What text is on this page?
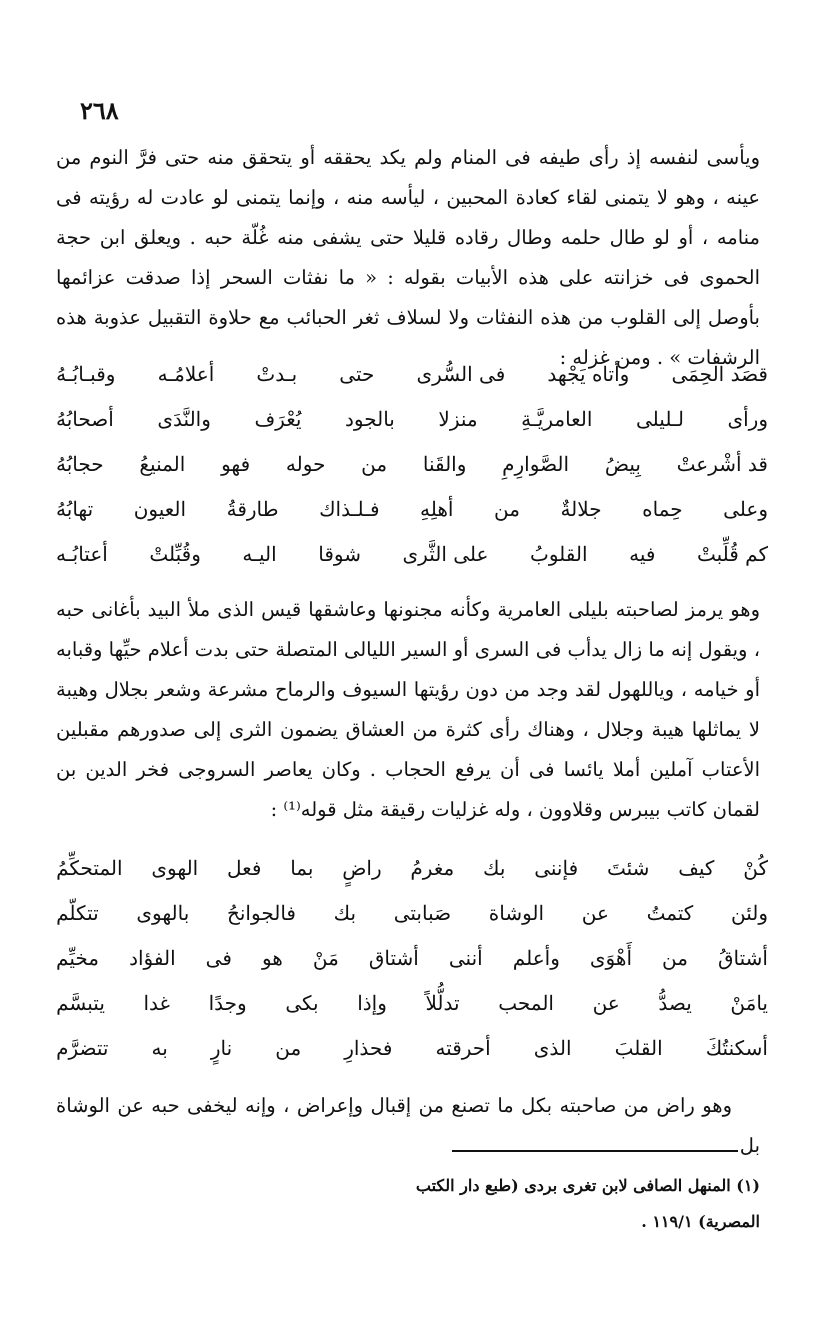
٢٦٨
ويأسى لنفسه إذ رأى طيفه فى المنام ولم يكد يحققه أو يتحقق منه حتى فرَّ النوم من عينه ، وهو لا يتمنى لقاء كعادة المحبين ، ليأسه منه ، وإنما يتمنى لو عادت له رؤيته فى منامه ، أو لو طال حلمه وطال رقاده قليلا حتى يشفى منه غُلّة حبه . ويعلق ابن حجة الحموى فى خزانته على هذه الأبيات بقوله : « ما نفثات السحر إذا صدقت عزائمها بأوصل إلى القلوب من هذه النفثات ولا لسلاف ثغر الحبائب مع حلاوة التقبيل عذوبة هذه الرشفات » . ومن غزله :
قصَد الحِمَى
وأتاه يَجْهد
فى السُّرى
حتى
بـدتْ
أعلامُـه
وقبـابُـهُ
ورأى
لـليلى
العامريَّـةِ
منزلا
بالجود
يُعْرَف
والنَّدَى
أصحابُهُ
قد أشْرعتْ
بِيضُ
الصَّوارِمِ
والقَنا
من
حوله
فهو
المنيعُ
حجابُهُ
وعلى
حِماه
جلالةٌ
من
أهلِهِ
فـلـذاك
طارقةُ
العيون
تهابُهُ
كم قُلِّبتْ
فيه
القلوبُ
على الثَّرى
شوقا
اليـه
وقُبِّلتْ
أعتابُـه
وهو يرمز لصاحبته بليلى العامرية وكأنه مجنونها وعاشقها قيس الذى ملأ البيد بأغانى حبه ، ويقول إنه ما زال يدأب فى السرى أو السير الليالى المتصلة حتى بدت أعلام حيِّها وقبابه أو خيامه ، وياللهول لقد وجد من دون رؤيتها السيوف والرماح مشرعة وشعر بجلال وهيبة لا يماثلها هيبة وجلال ، وهناك رأى كثرة من العشاق يضمون الثرى إلى صدورهم مقبلين الأعتاب آملين أملا يائسا فى أن يرفع الحجاب . وكان يعاصر السروجى فخر الدين بن لقمان كاتب بيبرس وقلاوون ، وله غزليات رقيقة مثل قوله⁽¹⁾ :
كُنْ
كيف
شئتَ
فإننى
بك
مغرمُ
راضٍ
بما
فعل
الهوى
المتحكِّمُ
ولئن
كتمتُ
عن
الوشاة
صَبابتى
بك
فالجوانحُ
بالهوى
تتكلّم
أشتاقُ
من
أَهْوَى
وأعلم
أننى
أشتاق
مَنْ
هو
فى
الفؤاد
مخيِّم
يامَنْ
يصدُّ
عن
المحب
تدلُّلاً
وإذا
بكى
وجدًا
غدا
يتبسَّم
أسكنتُكَ
القلبَ
الذى
أحرقته
فحذارِ
من
نارٍ
به
تتضرَّم
وهو راض من صاحبته بكل ما تصنع من إقبال وإعراض ، وإنه ليخفى حبه عن الوشاة بل
(١) المنهل الصافى لابن تغرى بردى (طبع دار الكتب
المصرية) ١١٩/١ .
